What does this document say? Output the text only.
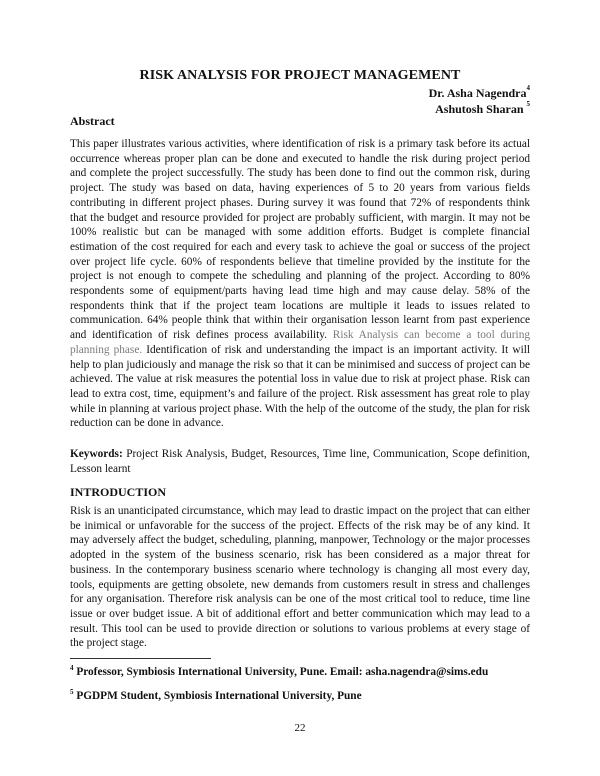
RISK ANALYSIS FOR PROJECT MANAGEMENT
Dr. Asha Nagendra$^4$
Ashutosh Sharan $^5$
Abstract
This paper illustrates various activities, where identification of risk is a primary task before its actual occurrence whereas proper plan can be done and executed to handle the risk during project period and complete the project successfully. The study has been done to find out the common risk, during project. The study was based on data, having experiences of 5 to 20 years from various fields contributing in different project phases. During survey it was found that 72% of respondents think that the budget and resource provided for project are probably sufficient, with margin. It may not be 100% realistic but can be managed with some addition efforts. Budget is complete financial estimation of the cost required for each and every task to achieve the goal or success of the project over project life cycle. 60% of respondents believe that timeline provided by the institute for the project is not enough to compete the scheduling and planning of the project. According to 80% respondents some of equipment/parts having lead time high and may cause delay. 58% of the respondents think that if the project team locations are multiple it leads to issues related to communication. 64% people think that within their organisation lesson learnt from past experience and identification of risk defines process availability. Risk Analysis can become a tool during planning phase. Identification of risk and understanding the impact is an important activity. It will help to plan judiciously and manage the risk so that it can be minimised and success of project can be achieved. The value at risk measures the potential loss in value due to risk at project phase. Risk can lead to extra cost, time, equipment’s and failure of the project. Risk assessment has great role to play while in planning at various project phase. With the help of the outcome of the study, the plan for risk reduction can be done in advance.
Keywords: Project Risk Analysis, Budget, Resources, Time line, Communication, Scope definition, Lesson learnt
INTRODUCTION
Risk is an unanticipated circumstance, which may lead to drastic impact on the project that can either be inimical or unfavorable for the success of the project. Effects of the risk may be of any kind. It may adversely affect the budget, scheduling, planning, manpower, Technology or the major processes adopted in the system of the business scenario, risk has been considered as a major threat for business. In the contemporary business scenario where technology is changing all most every day, tools, equipments are getting obsolete, new demands from customers result in stress and challenges for any organisation. Therefore risk analysis can be one of the most critical tool to reduce, time line issue or over budget issue. A bit of additional effort and better communication which may lead to a result. This tool can be used to provide direction or solutions to various problems at every stage of the project stage.
$^4$ Professor, Symbiosis International University, Pune. Email: asha.nagendra@sims.edu
$^5$ PGDPM Student, Symbiosis International University, Pune
22
